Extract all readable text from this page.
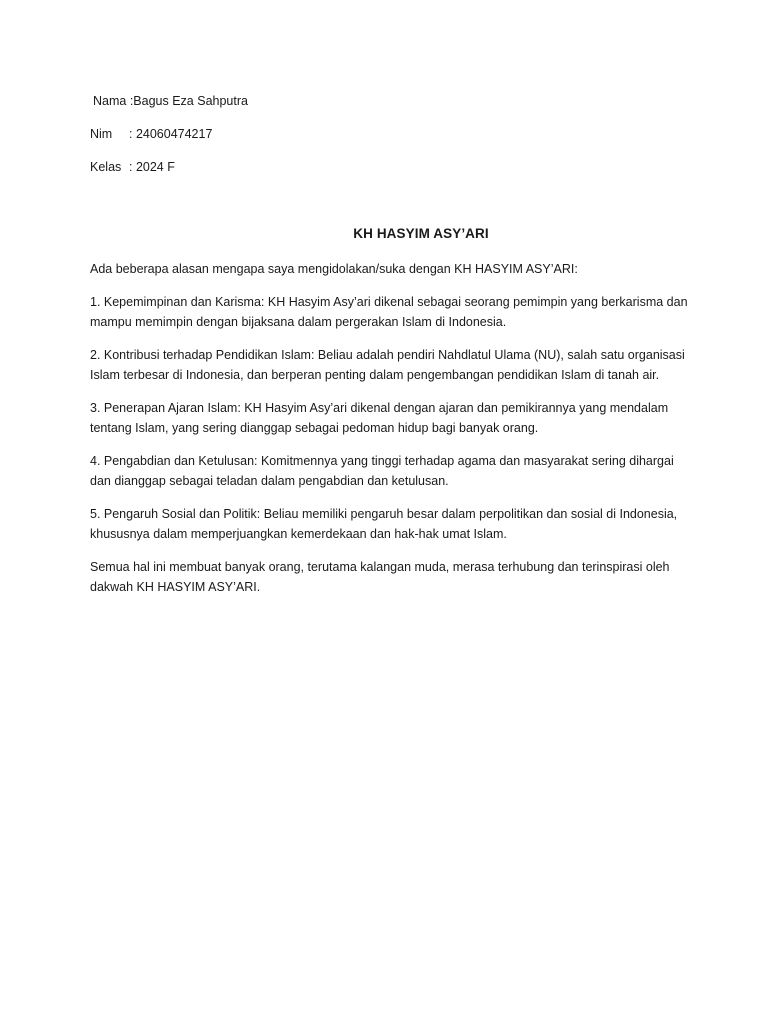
Nama : Bagus Eza Sahputra
Nim	: 24060474217
Kelas : 2024 F
KH HASYIM ASY’ARI

Ada beberapa alasan mengapa saya mengidolakan/suka dengan KH HASYIM ASY’ARI:

1. Kepemimpinan dan Karisma: KH Hasyim Asy’ari dikenal sebagai seorang pemimpin yang berkarisma dan mampu memimpin dengan bijaksana dalam pergerakan Islam di Indonesia.

2. Kontribusi terhadap Pendidikan Islam: Beliau adalah pendiri Nahdlatul Ulama (NU), salah satu organisasi Islam terbesar di Indonesia, dan berperan penting dalam pengembangan pendidikan Islam di tanah air.

3. Penerapan Ajaran Islam: KH Hasyim Asy’ari dikenal dengan ajaran dan pemikirannya yang mendalam tentang Islam, yang sering dianggap sebagai pedoman hidup bagi banyak orang.

4. Pengabdian dan Ketulusan: Komitmennya yang tinggi terhadap agama dan masyarakat sering dihargai dan dianggap sebagai teladan dalam pengabdian dan ketulusan.

5. Pengaruh Sosial dan Politik: Beliau memiliki pengaruh besar dalam perpolitikan dan sosial di Indonesia, khususnya dalam memperjuangkan kemerdekaan dan hak-hak umat Islam.

Semua hal ini membuat banyak orang, terutama kalangan muda, merasa terhubung dan terinspirasi oleh dakwah KH HASYIM ASY’ARI.
